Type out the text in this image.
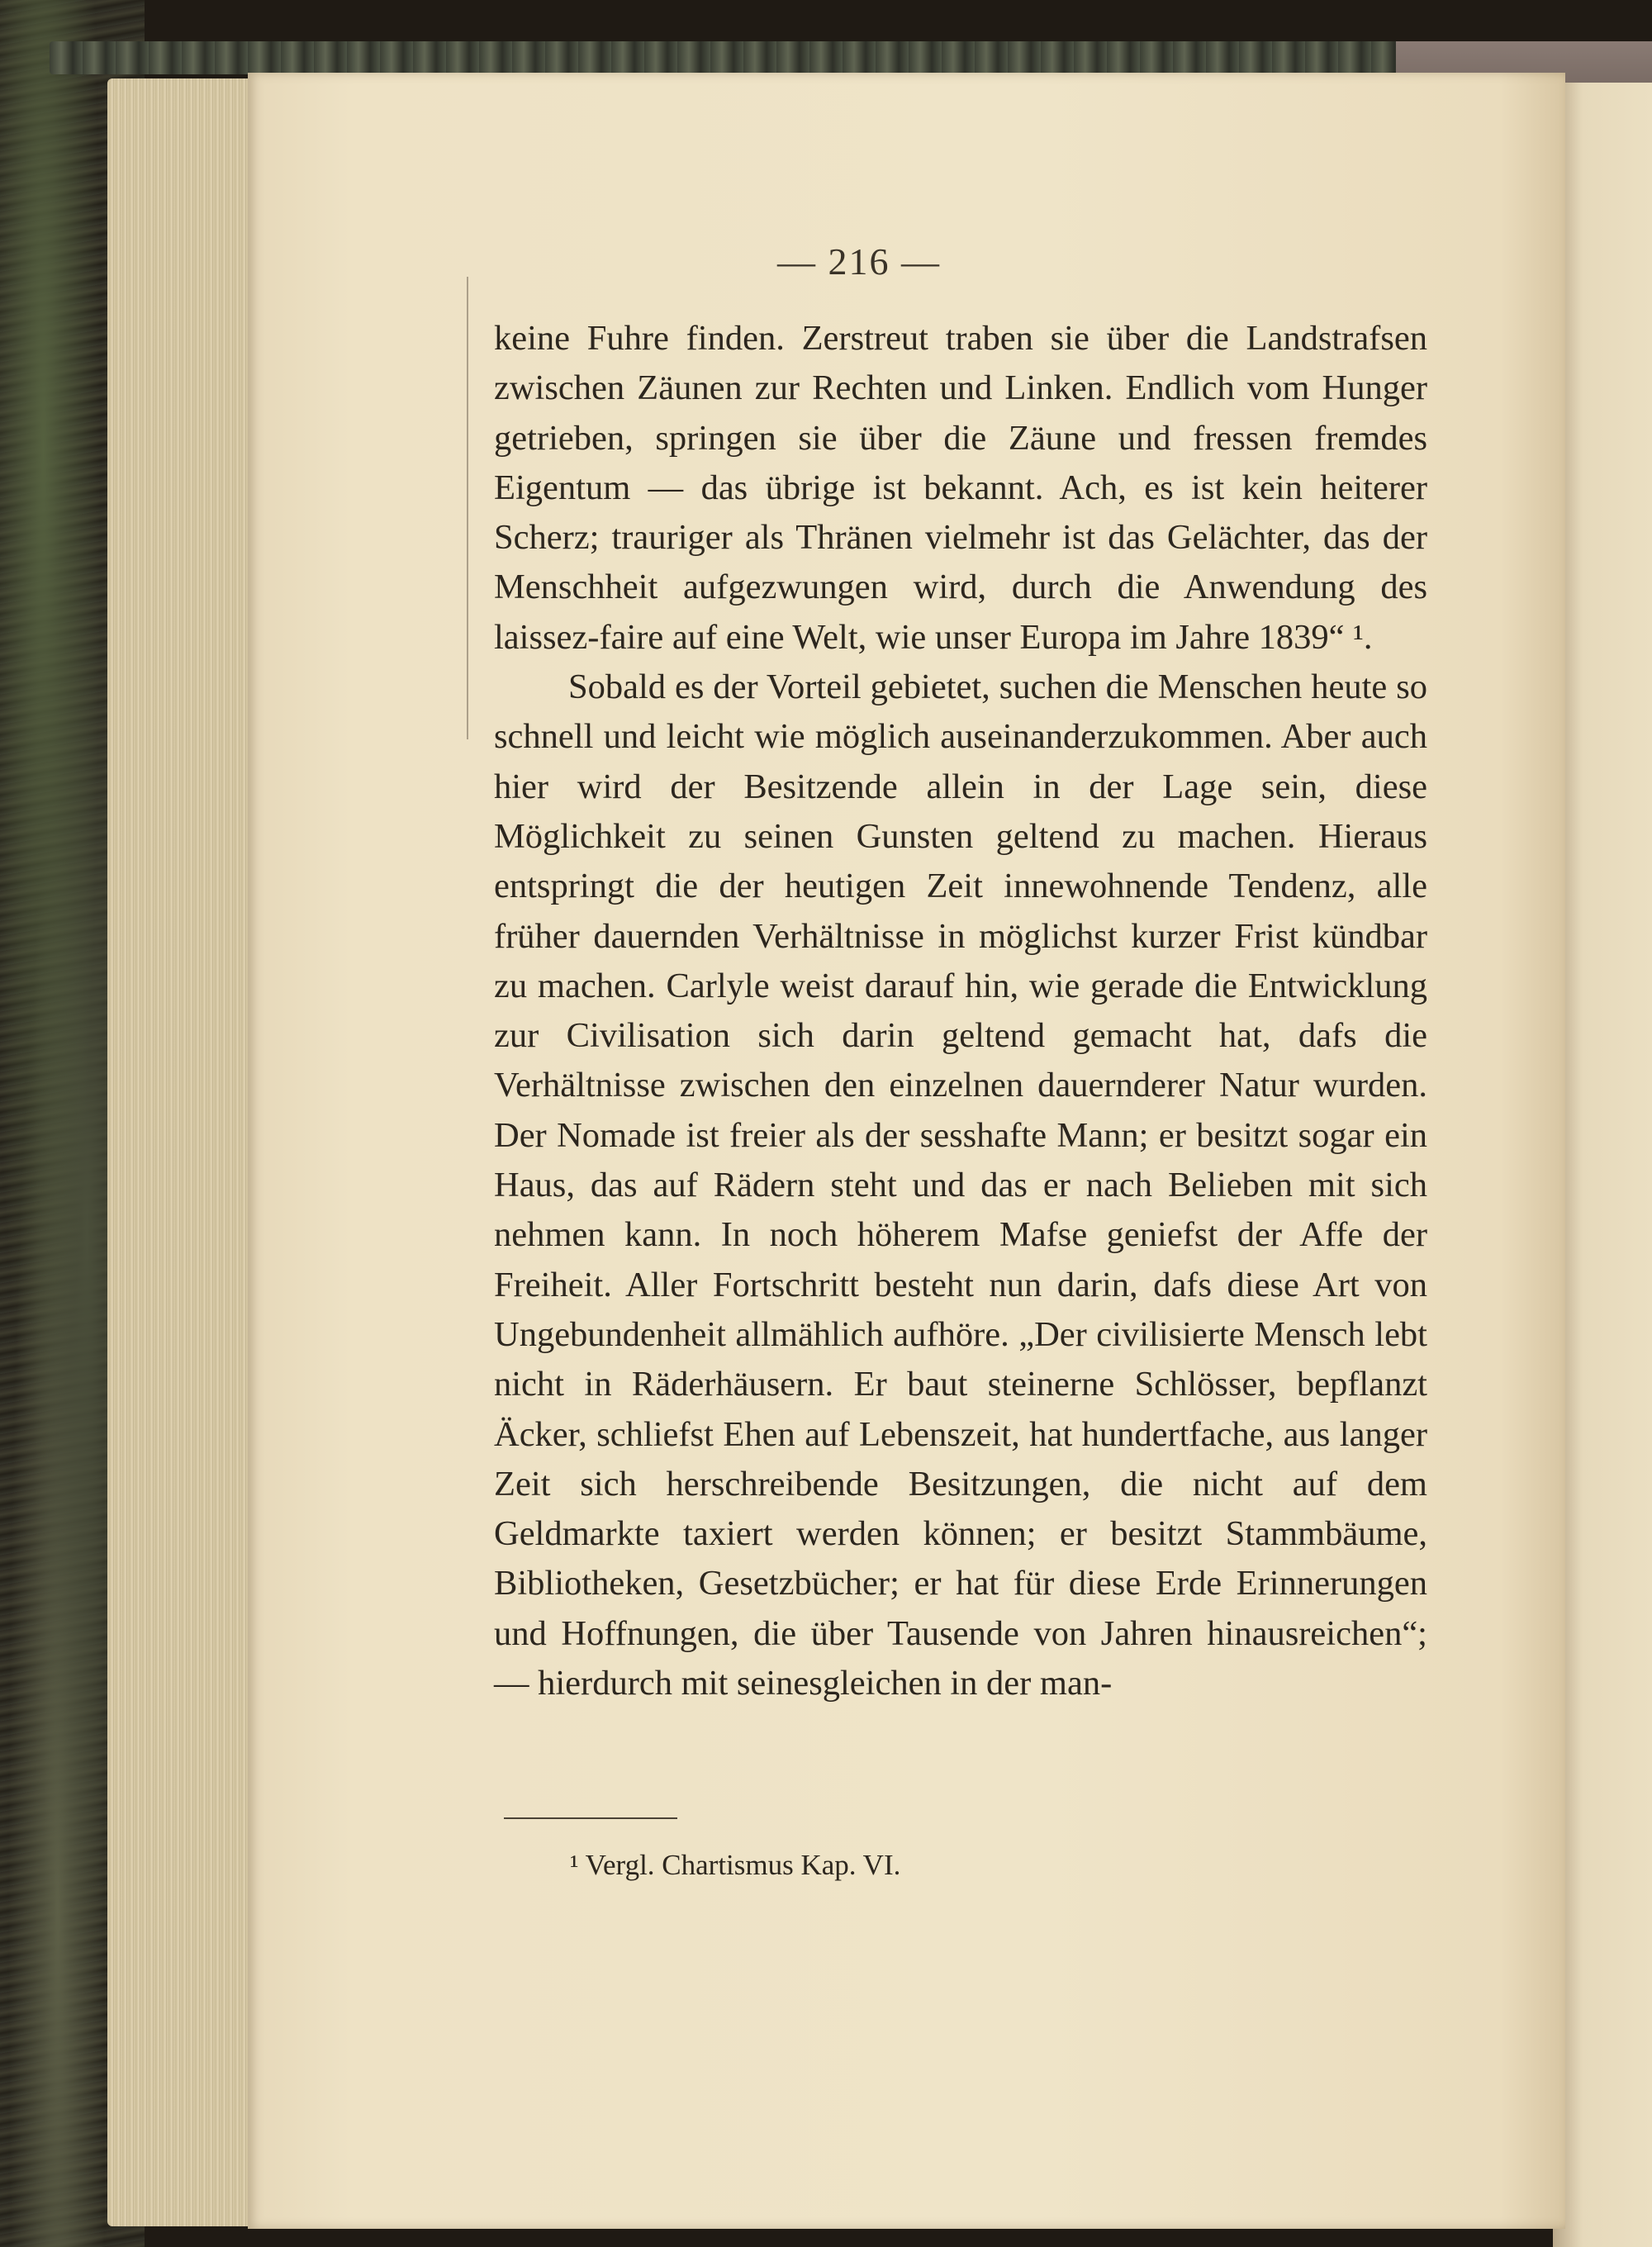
— 216 —

keine Fuhre finden. Zerstreut traben sie über die Landstrafsen zwischen Zäunen zur Rechten und Linken. Endlich vom Hunger getrieben, springen sie über die Zäune und fressen fremdes Eigentum — das übrige ist bekannt. Ach, es ist kein heiterer Scherz; trauriger als Thränen vielmehr ist das Gelächter, das der Menschheit aufgezwungen wird, durch die Anwendung des laissez-faire auf eine Welt, wie unser Europa im Jahre 1839“ ¹.

Sobald es der Vorteil gebietet, suchen die Menschen heute so schnell und leicht wie möglich auseinanderzukommen. Aber auch hier wird der Besitzende allein in der Lage sein, diese Möglichkeit zu seinen Gunsten geltend zu machen. Hieraus entspringt die der heutigen Zeit innewohnende Tendenz, alle früher dauernden Verhältnisse in möglichst kurzer Frist kündbar zu machen. Carlyle weist darauf hin, wie gerade die Entwicklung zur Civilisation sich darin geltend gemacht hat, dafs die Verhältnisse zwischen den einzelnen dauernderer Natur wurden. Der Nomade ist freier als der sesshafte Mann; er besitzt sogar ein Haus, das auf Rädern steht und das er nach Belieben mit sich nehmen kann. In noch höherem Mafse geniefst der Affe der Freiheit. Aller Fortschritt besteht nun darin, dafs diese Art von Ungebundenheit allmählich aufhöre. „Der civilisierte Mensch lebt nicht in Räderhäusern. Er baut steinerne Schlösser, bepflanzt Äcker, schliefst Ehen auf Lebenszeit, hat hundertfache, aus langer Zeit sich herschreibende Besitzungen, die nicht auf dem Geldmarkte taxiert werden können; er besitzt Stammbäume, Bibliotheken, Gesetzbücher; er hat für diese Erde Erinnerungen und Hoffnungen, die über Tausende von Jahren hinausreichen“; — hierdurch mit seinesgleichen in der man-

¹ Vergl. Chartismus Kap. VI.
